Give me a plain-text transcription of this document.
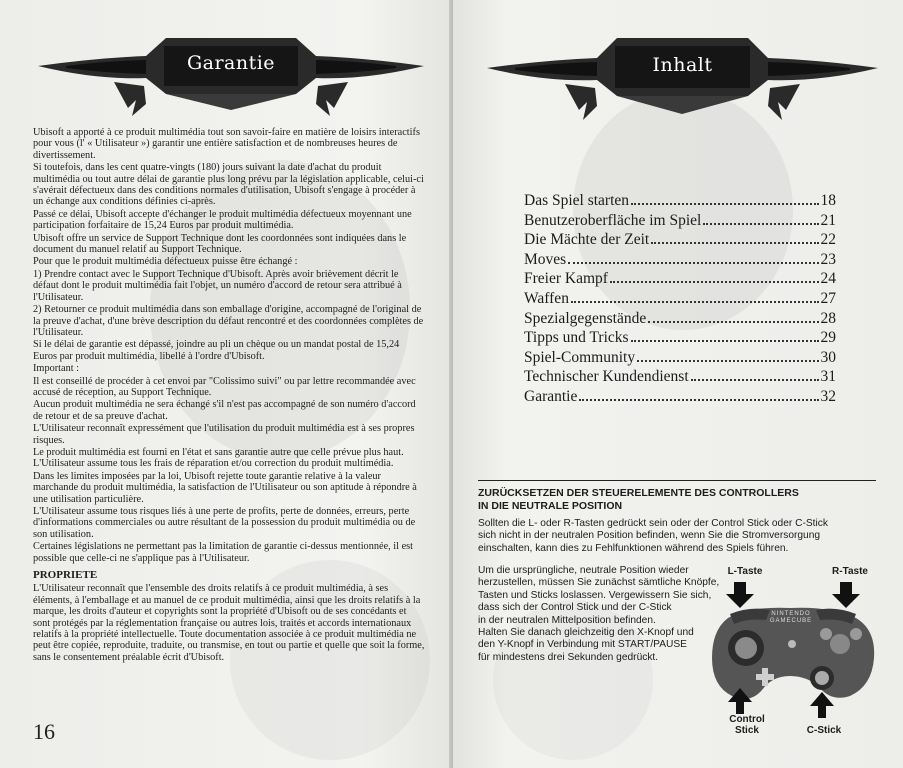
Garantie

Ubisoft a apporté à ce produit multimédia tout son savoir-faire en matière de loisirs interactifs pour vous (l' « Utilisateur ») garantir une entière satisfaction et de nombreuses heures de divertissement.

Si toutefois, dans les cent quatre-vingts (180) jours suivant la date d'achat du produit multimédia ou tout autre délai de garantie plus long prévu par la législation applicable, celui-ci s'avérait défectueux dans des conditions normales d'utilisation, Ubisoft s'engage à procéder à un échange aux conditions définies ci-après.

Passé ce délai, Ubisoft accepte d'échanger le produit multimédia défectueux moyennant une participation forfaitaire de 15,24 Euros par produit multimédia.

Ubisoft offre un service de Support Technique dont les coordonnées sont indiquées dans le document du manuel relatif au Support Technique.

Pour que le produit multimédia défectueux puisse être échangé :

1) Prendre contact avec le Support Technique d'Ubisoft. Après avoir brièvement décrit le défaut dont le produit multimédia fait l'objet, un numéro d'accord de retour sera attribué à l'Utilisateur.

2) Retourner ce produit multimédia dans son emballage d'origine, accompagné de l'original de la preuve d'achat, d'une brève description du défaut rencontré et des coordonnées complètes de l'Utilisateur.

Si le délai de garantie est dépassé, joindre au pli un chèque ou un mandat postal de 15,24 Euros par produit multimédia, libellé à l'ordre d'Ubisoft.

Important :

Il est conseillé de procéder à cet envoi par "Colissimo suivi" ou par lettre recommandée avec accusé de réception, au Support Technique.

Aucun produit multimédia ne sera échangé s'il n'est pas accompagné de son numéro d'accord de retour et de sa preuve d'achat.

L'Utilisateur reconnaît expressément que l'utilisation du produit multimédia est à ses propres risques.

Le produit multimédia est fourni en l'état et sans garantie autre que celle prévue plus haut. L'Utilisateur assume tous les frais de réparation et/ou correction du produit multimédia.

Dans les limites imposées par la loi, Ubisoft rejette toute garantie relative à la valeur marchande du produit multimédia, la satisfaction de l'Utilisateur ou son aptitude à répondre à une utilisation particulière.

L'Utilisateur assume tous risques liés à une perte de profits, perte de données, erreurs, perte d'informations commerciales ou autre résultant de la possession du produit multimédia ou de son utilisation.

Certaines législations ne permettant pas la limitation de garantie ci-dessus mentionnée, il est possible que celle-ci ne s'applique pas à l'Utilisateur.

PROPRIETE

L'Utilisateur reconnaît que l'ensemble des droits relatifs à ce produit multimédia, à ses éléments, à l'emballage et au manuel de ce produit multimédia, ainsi que les droits relatifs à la marque, les droits d'auteur et copyrights sont la propriété d'Ubisoft ou de ses concédants et sont protégés par la réglementation française ou autres lois, traités et accords internationaux relatifs à la propriété intellectuelle. Toute documentation associée à ce produit multimédia ne peut être copiée, reproduite, traduite, ou transmise, en tout ou partie et quelle que soit la forme, sans le consentement préalable écrit d'Ubisoft.

16
Inhalt
Das Spiel starten	18
Benutzeroberfläche im Spiel	21
Die Mächte der Zeit	22
Moves	23
Freier Kampf	24
Waffen	27
Spezialgegenstände	28
Tipps und Tricks	29
Spiel-Community	30
Technischer Kundendienst	31
Garantie	32
ZURÜCKSETZEN DER STEUERELEMENTE DES CONTROLLERS
IN DIE NEUTRALE POSITION
Sollten die L- oder R-Tasten gedrückt sein oder der Control Stick oder C-Stick
sich nicht in der neutralen Position befinden, wenn Sie die Stromversorgung
einschalten, kann dies zu Fehlfunktionen während des Spiels führen.
Um die ursprüngliche, neutrale Position wieder
herzustellen, müssen Sie zunächst sämtliche Knöpfe,
Tasten und Sticks loslassen. Vergewissern Sie sich,
dass sich der Control Stick und der C-Stick
in der neutralen Mittelposition befinden.
Halten Sie danach gleichzeitig den X-Knopf und
den Y-Knopf in Verbindung mit START/PAUSE
für mindestens drei Sekunden gedrückt.
L-Taste	R-Taste
NINTENDO
GAMECUBE
Control
Stick	C-Stick
